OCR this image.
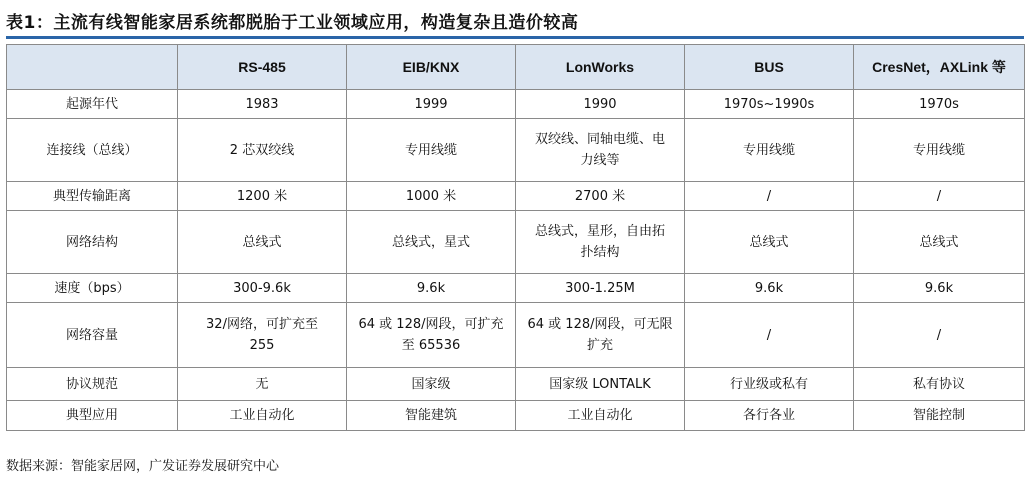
表1：主流有线智能家居系统都脱胎于工业领域应用，构造复杂且造价较高
	RS-485	EIB/KNX	LonWorks	BUS	CresNet，AXLink 等
起源年代	1983	1999	1990	1970s~1990s	1970s
连接线（总线）	2 芯双绞线	专用线缆	双绞线、同轴电缆、电力线等	专用线缆	专用线缆
典型传输距离	1200 米	1000 米	2700 米	/	/
网络结构	总线式	总线式，星式	总线式，星形，自由拓扑结构	总线式	总线式
速度（bps）	300-9.6k	9.6k	300-1.25M	9.6k	9.6k
网络容量	32/网络，可扩充至 255	64 或 128/网段，可扩充至 65536	64 或 128/网段，可无限扩充	/	/
协议规范	无	国家级	国家级 LONTALK	行业级或私有	私有协议
典型应用	工业自动化	智能建筑	工业自动化	各行各业	智能控制
数据来源：智能家居网，广发证券发展研究中心
